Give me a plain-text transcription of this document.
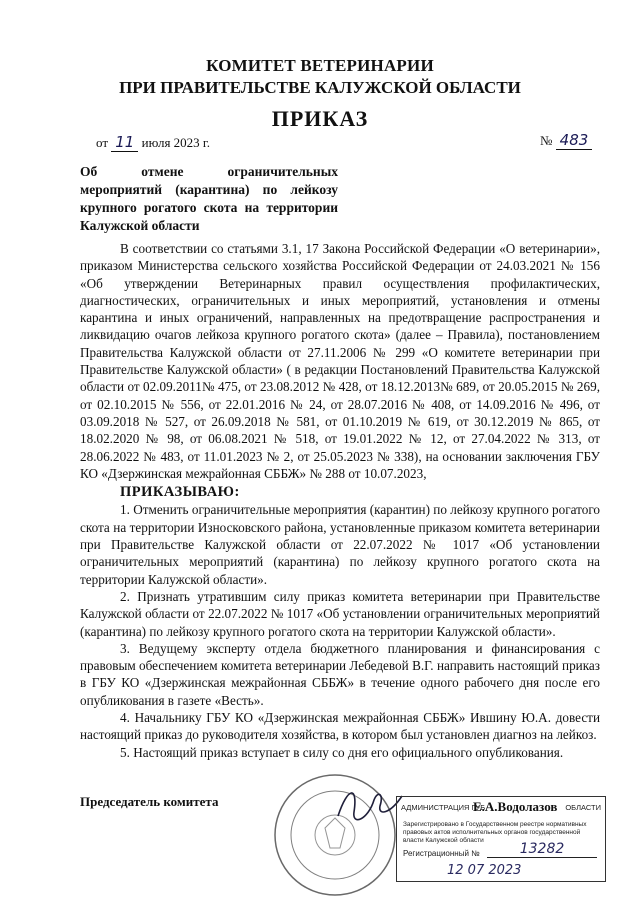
КОМИТЕТ ВЕТЕРИНАРИИ
ПРИ ПРАВИТЕЛЬСТВЕ КАЛУЖСКОЙ ОБЛАСТИ
ПРИКАЗ
от 11 июля 2023 г.	№ 483
Об отмене ограничительных
мероприятий (карантина) по лейкозу
крупного рогатого скота на территории
Калужской области

В соответствии со статьями 3.1, 17 Закона Российской Федерации «О ветеринарии», приказом Министерства сельского хозяйства Российской Федерации от 24.03.2021 № 156 «Об утверждении Ветеринарных правил осуществления профилактических, диагностических, ограничительных и иных мероприятий, установления и отмены карантина и иных ограничений, направленных на предотвращение распространения и ликвидацию очагов лейкоза крупного рогатого скота» (далее – Правила), постановлением Правительства Калужской области от 27.11.2006 № 299 «О комитете ветеринарии при Правительстве Калужской области» ( в редакции Постановлений Правительства Калужской области от 02.09.2011№ 475, от 23.08.2012 № 428, от 18.12.2013№ 689, от 20.05.2015 № 269, от 02.10.2015 № 556, от 22.01.2016 № 24, от 28.07.2016 № 408, от 14.09.2016 № 496, от 03.09.2018 № 527, от 26.09.2018 № 581, от 01.10.2019 № 619, от 30.12.2019 № 865, от 18.02.2020 № 98, от 06.08.2021 № 518, от 19.01.2022 № 12, от 27.04.2022 № 313, от 28.06.2022 № 483, от 11.01.2023 № 2, от 25.05.2023 № 338), на основании заключения ГБУ КО «Дзержинская межрайонная СББЖ» № 288 от 10.07.2023,

ПРИКАЗЫВАЮ:

1. Отменить ограничительные мероприятия (карантин) по лейкозу крупного рогатого скота на территории Износковского района, установленные приказом комитета ветеринарии при Правительстве Калужской области от 22.07.2022 № 1017 «Об установлении ограничительных мероприятий (карантина) по лейкозу крупного рогатого скота на территории Калужской области».

2. Признать утратившим силу приказ комитета ветеринарии при Правительстве Калужской области от 22.07.2022 № 1017 «Об установлении ограничительных мероприятий (карантина) по лейкозу крупного рогатого скота на территории Калужской области».

3. Ведущему эксперту отдела бюджетного планирования и финансирования с правовым обеспечением комитета ветеринарии Лебедевой В.Г. направить настоящий приказ в ГБУ КО «Дзержинская межрайонная СББЖ» в течение одного рабочего дня после его опубликования в газете «Весть».

4. Начальнику ГБУ КО «Дзержинская межрайонная СББЖ» Ившину Ю.А. довести настоящий приказ до руководителя хозяйства, в котором был установлен диагноз на лейкоз.

5. Настоящий приказ вступает в силу со дня его официального опубликования.

Председатель комитета	АДМИНИСТРАЦИЯ ГУБ
Е.А.Водолазов ОБЛАСТИ
Зарегистрировано в Государственном реестре нормативных правовых актов исполнительных органов государственной власти Калужской области
Регистрационный №	13282
12 07 2023
